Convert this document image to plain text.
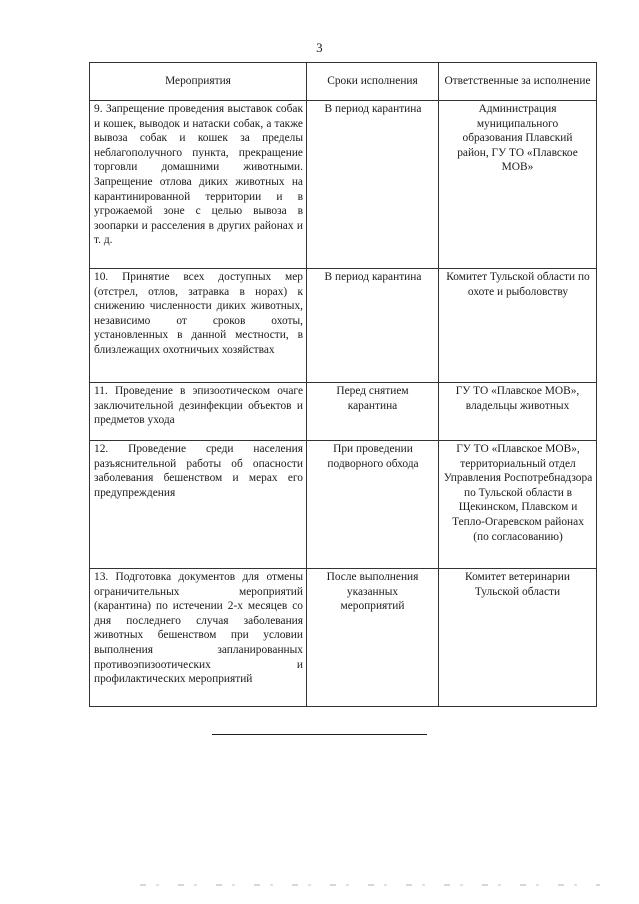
3
Мероприятия	Сроки исполнения	Ответственные за исполнение

9. Запрещение проведения выставок собак и кошек, выводок и натаски собак, а также вывоза собак и кошек за пределы неблагополучного пункта, прекращение торговли домашними животными. Запрещение отлова диких животных на карантинированной территории и в угрожаемой зоне с целью вывоза в зоопарки и расселения в других районах и т. д.	В период карантина	Администрация муниципального образования Плавский район, ГУ ТО «Плавское МОВ»

10. Принятие всех доступных мер (отстрел, отлов, затравка в норах) к снижению численности диких животных, независимо от сроков охоты, установленных в данной местности, в близлежащих охотничьих хозяйствах	В период карантина	Комитет Тульской области по охоте и рыболовству

11. Проведение в эпизоотическом очаге заключительной дезинфекции объектов и предметов ухода	Перед снятием карантина	ГУ ТО «Плавское МОВ», владельцы животных

12. Проведение среди населения разъяснительной работы об опасности заболевания бешенством и мерах его предупреждения	При проведении подворного обхода	ГУ ТО «Плавское МОВ», территориальный отдел Управления Роспотребнадзора по Тульской области в Щекинском, Плавском и Тепло-Огаревском районах (по согласованию)

13. Подготовка документов для отмены ограничительных мероприятий (карантина) по истечении 2-х месяцев со дня последнего случая заболевания животных бешенством при условии выполнения запланированных противоэпизоотических и профилактических мероприятий	После выполнения указанных мероприятий	Комитет ветеринарии Тульской области
